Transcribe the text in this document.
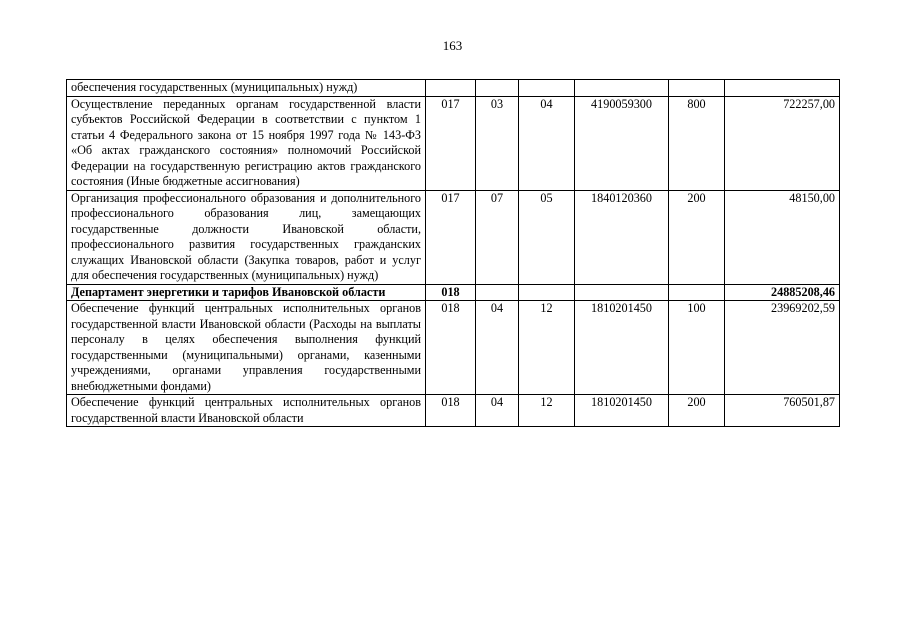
163
обеспечения государственных (муниципальных) нужд)						
Осуществление переданных органам государственной власти субъектов Российской Федерации в соответствии с пунктом 1 статьи 4 Федерального закона от 15 ноября 1997 года № 143-ФЗ «Об актах гражданского состояния» полномочий Российской Федерации на государственную регистрацию актов гражданского состояния (Иные бюджетные ассигнования)	017	03	04	4190059300	800	722257,00
Организация профессионального образования и дополнительного профессионального образования лиц, замещающих государственные должности Ивановской области, профессионального развития государственных гражданских служащих Ивановской области (Закупка товаров, работ и услуг для обеспечения государственных (муниципальных) нужд)	017	07	05	1840120360	200	48150,00
Департамент энергетики и тарифов Ивановской области	018					24885208,46
Обеспечение функций центральных исполнительных органов государственной власти Ивановской области (Расходы на выплаты персоналу в целях обеспечения выполнения функций государственными (муниципальными) органами, казенными учреждениями, органами управления государственными внебюджетными фондами)	018	04	12	1810201450	100	23969202,59
Обеспечение функций центральных исполнительных органов государственной власти Ивановской области	018	04	12	1810201450	200	760501,87
